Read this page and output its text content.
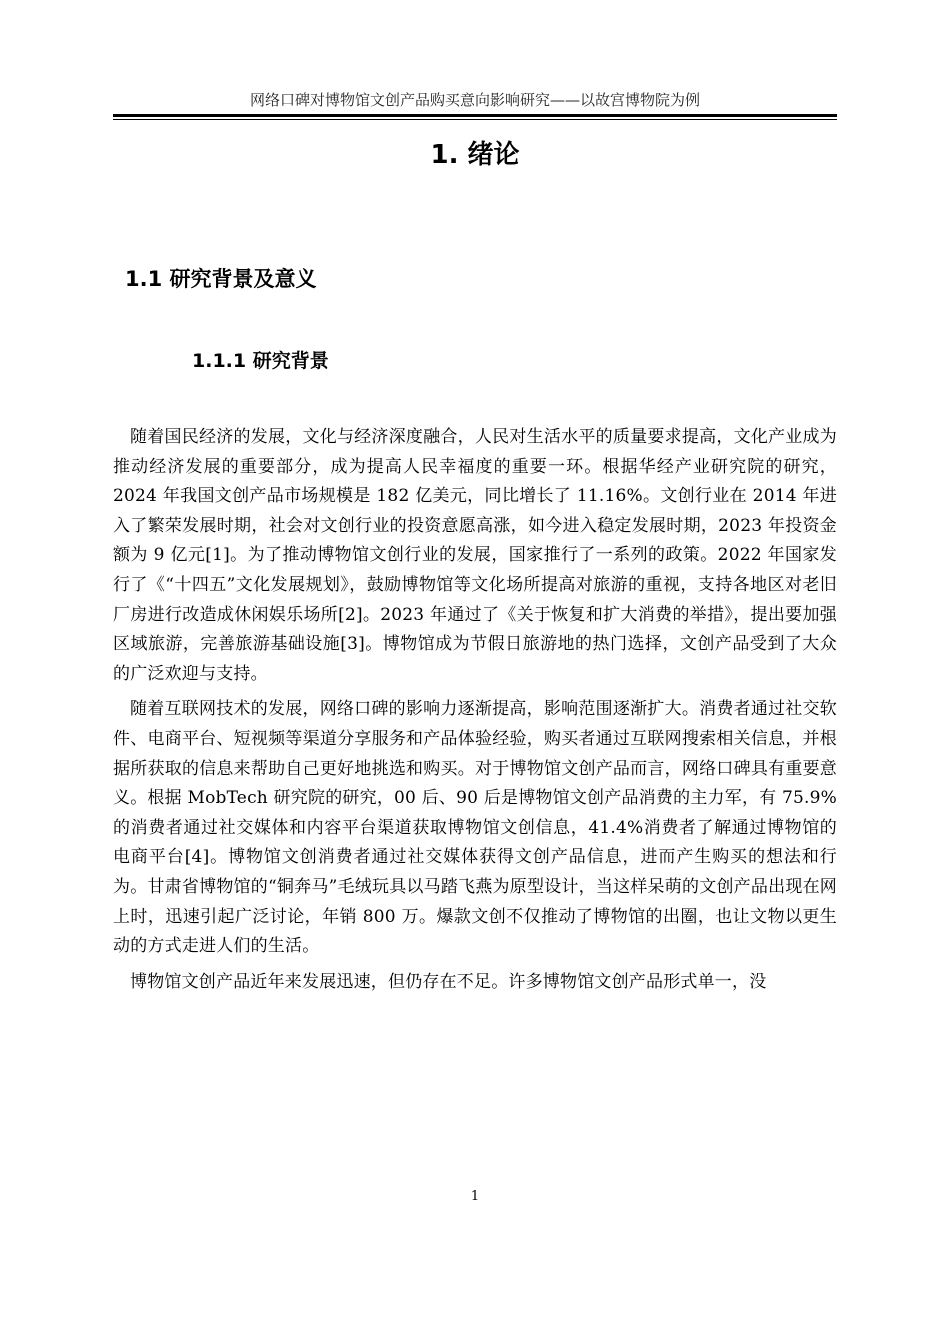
网络口碑对博物馆文创产品购买意向影响研究——以故宫博物院为例
1. 绪论
1.1 研究背景及意义
1.1.1 研究背景

随着国民经济的发展，文化与经济深度融合，人民对生活水平的质量要求提高，文化产业成为推动经济发展的重要部分，成为提高人民幸福度的重要一环。根据华经产业研究院的研究，2024 年我国文创产品市场规模是 182 亿美元，同比增长了 11.16%。文创行业在 2014 年进入了繁荣发展时期，社会对文创行业的投资意愿高涨，如今进入稳定发展时期，2023 年投资金额为 9 亿元[1]。为了推动博物馆文创行业的发展，国家推行了一系列的政策。2022 年国家发行了《“十四五”文化发展规划》，鼓励博物馆等文化场所提高对旅游的重视，支持各地区对老旧厂房进行改造成休闲娱乐场所[2]。2023 年通过了《关于恢复和扩大消费的举措》，提出要加强区域旅游，完善旅游基础设施[3]。博物馆成为节假日旅游地的热门选择，文创产品受到了大众的广泛欢迎与支持。

随着互联网技术的发展，网络口碑的影响力逐渐提高，影响范围逐渐扩大。消费者通过社交软件、电商平台、短视频等渠道分享服务和产品体验经验，购买者通过互联网搜索相关信息，并根据所获取的信息来帮助自己更好地挑选和购买。对于博物馆文创产品而言，网络口碑具有重要意义。根据 MobTech 研究院的研究，00 后、90 后是博物馆文创产品消费的主力军，有 75.9%的消费者通过社交媒体和内容平台渠道获取博物馆文创信息，41.4%消费者了解通过博物馆的电商平台[4]。博物馆文创消费者通过社交媒体获得文创产品信息，进而产生购买的想法和行为。甘肃省博物馆的“铜奔马”毛绒玩具以马踏飞燕为原型设计，当这样呆萌的文创产品出现在网上时，迅速引起广泛讨论，年销 800 万。爆款文创不仅推动了博物馆的出圈，也让文物以更生动的方式走进人们的生活。

博物馆文创产品近年来发展迅速，但仍存在不足。许多博物馆文创产品形式单一，没

1
